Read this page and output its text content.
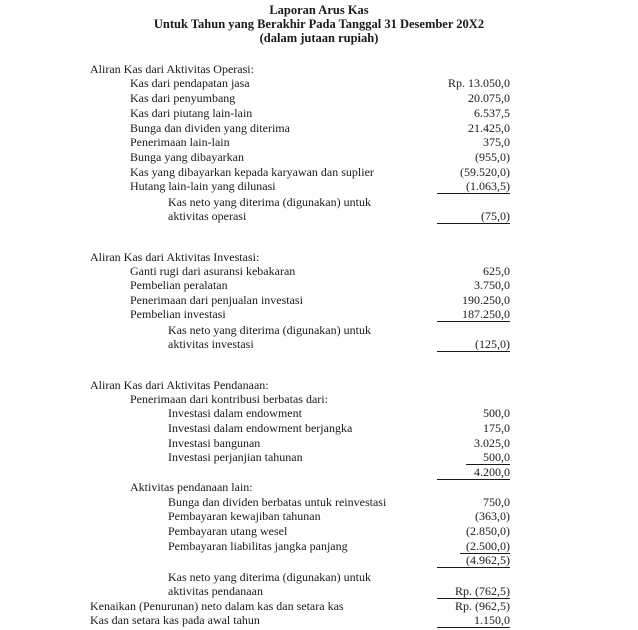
Laporan Arus Kas
Untuk Tahun yang Berakhir Pada Tanggal 31 Desember 20X2
(dalam jutaan rupiah)
Aliran Kas dari Aktivitas Operasi:
Kas dari pendapatan jasa	Rp. 13.050,0
Kas dari penyumbang	20.075,0
Kas dari piutang lain-lain	6.537,5
Bunga dan dividen yang diterima	21.425,0
Penerimaan lain-lain	375,0
Bunga yang dibayarkan	(955,0)
Kas yang dibayarkan kepada karyawan dan suplier	(59.520,0)
Hutang lain-lain yang dilunasi	(1.063,5)
Kas neto yang diterima (digunakan) untuk
aktivitas operasi	(75,0)
Aliran Kas dari Aktivitas Investasi:
Ganti rugi dari asuransi kebakaran	625,0
Pembelian peralatan	3.750,0
Penerimaan dari penjualan investasi	190.250,0
Pembelian investasi	187.250,0
Kas neto yang diterima (digunakan) untuk
aktivitas investasi	(125,0)
Aliran Kas dari Aktivitas Pendanaan:
Penerimaan dari kontribusi berbatas dari:
Investasi dalam endowment	500,0
Investasi dalam endowment berjangka	175,0
Investasi bangunan	3.025,0
Investasi perjanjian tahunan	500,0
4.200,0
Aktivitas pendanaan lain:
Bunga dan dividen berbatas untuk reinvestasi	750,0
Pembayaran kewajiban tahunan	(363,0)
Pembayaran utang wesel	(2.850,0)
Pembayaran liabilitas jangka panjang	(2.500,0)
(4.962,5)
Kas neto yang diterima (digunakan) untuk
aktivitas pendanaan	Rp. (762,5)
Kenaikan (Penurunan) neto dalam kas dan setara kas	Rp. (962,5)
Kas dan setara kas pada awal tahun	1.150,0
